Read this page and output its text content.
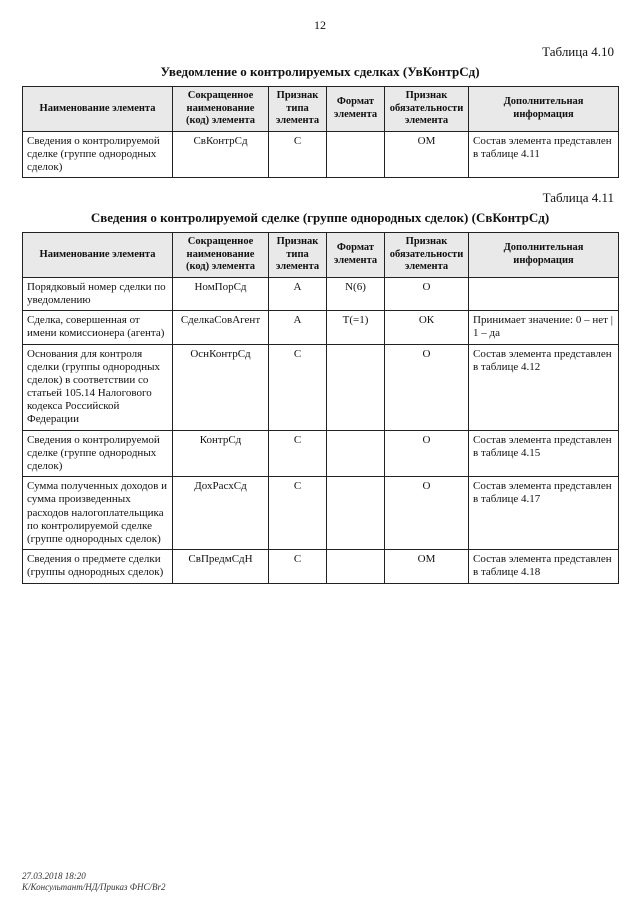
12
Таблица 4.10
Уведомление о контролируемых сделках (УвКонтрСд)
Наименование элемента	Сокращенное наименование (код) элемента	Признак типа элемента	Формат элемента	Признак обязательности элемента	Дополнительная информация
Сведения о контролируемой сделке (группе однородных сделок)	СвКонтрСд	С		ОМ	Состав элемента представлен в таблице 4.11
Таблица 4.11
Сведения о контролируемой сделке (группе однородных сделок) (СвКонтрСд)
Наименование элемента	Сокращенное наименование (код) элемента	Признак типа элемента	Формат элемента	Признак обязательности элемента	Дополнительная информация
Порядковый номер сделки по уведомлению	НомПорСд	А	N(6)	О	
Сделка, совершенная от имени комиссионера (агента)	СделкаСовАгент	А	T(=1)	ОК	Принимает значение: 0 – нет | 1 – да
Основания для контроля сделки (группы однородных сделок) в соответствии со статьей 105.14 Налогового кодекса Российской Федерации	ОснКонтрСд	С		О	Состав элемента представлен в таблице 4.12
Сведения о контролируемой сделке (группе однородных сделок)	КонтрСд	С		О	Состав элемента представлен в таблице 4.15
Сумма полученных доходов и сумма произведенных расходов налогоплательщика по контролируемой сделке (группе однородных сделок)	ДохРасхСд	С		О	Состав элемента представлен в таблице 4.17
Сведения о предмете сделки (группы однородных сделок)	СвПредмСдН	С		ОМ	Состав элемента представлен в таблице 4.18
27.03.2018 18:20
К/Консультант/НД/Приказ ФНС/Br2
